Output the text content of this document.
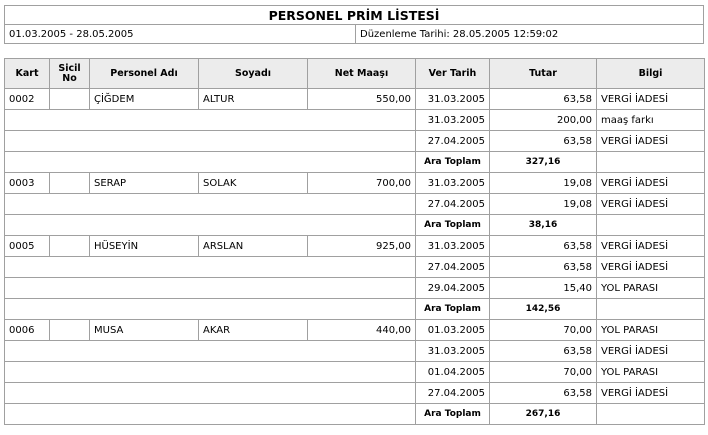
PERSONEL PRİM LİSTESİ
01.03.2005 - 28.05.2005	Düzenleme Tarihi: 28.05.2005 12:59:02
Kart	Sicil No	Personel Adı	Soyadı	Net Maaşı	Ver Tarih	Tutar	Bilgi
0002		ÇİĞDEM	ALTUR	550,00	31.03.2005	63,58	VERGİ İADESİ
					31.03.2005	200,00	maaş farkı
					27.04.2005	63,58	VERGİ İADESİ
					Ara Toplam	327,16	
0003		SERAP	SOLAK	700,00	31.03.2005	19,08	VERGİ İADESİ
					27.04.2005	19,08	VERGİ İADESİ
					Ara Toplam	38,16	
0005		HÜSEYİN	ARSLAN	925,00	31.03.2005	63,58	VERGİ İADESİ
					27.04.2005	63,58	VERGİ İADESİ
					29.04.2005	15,40	YOL PARASI
					Ara Toplam	142,56	
0006		MUSA	AKAR	440,00	01.03.2005	70,00	YOL PARASI
					31.03.2005	63,58	VERGİ İADESİ
					01.04.2005	70,00	YOL PARASI
					27.04.2005	63,58	VERGİ İADESİ
					Ara Toplam	267,16	
